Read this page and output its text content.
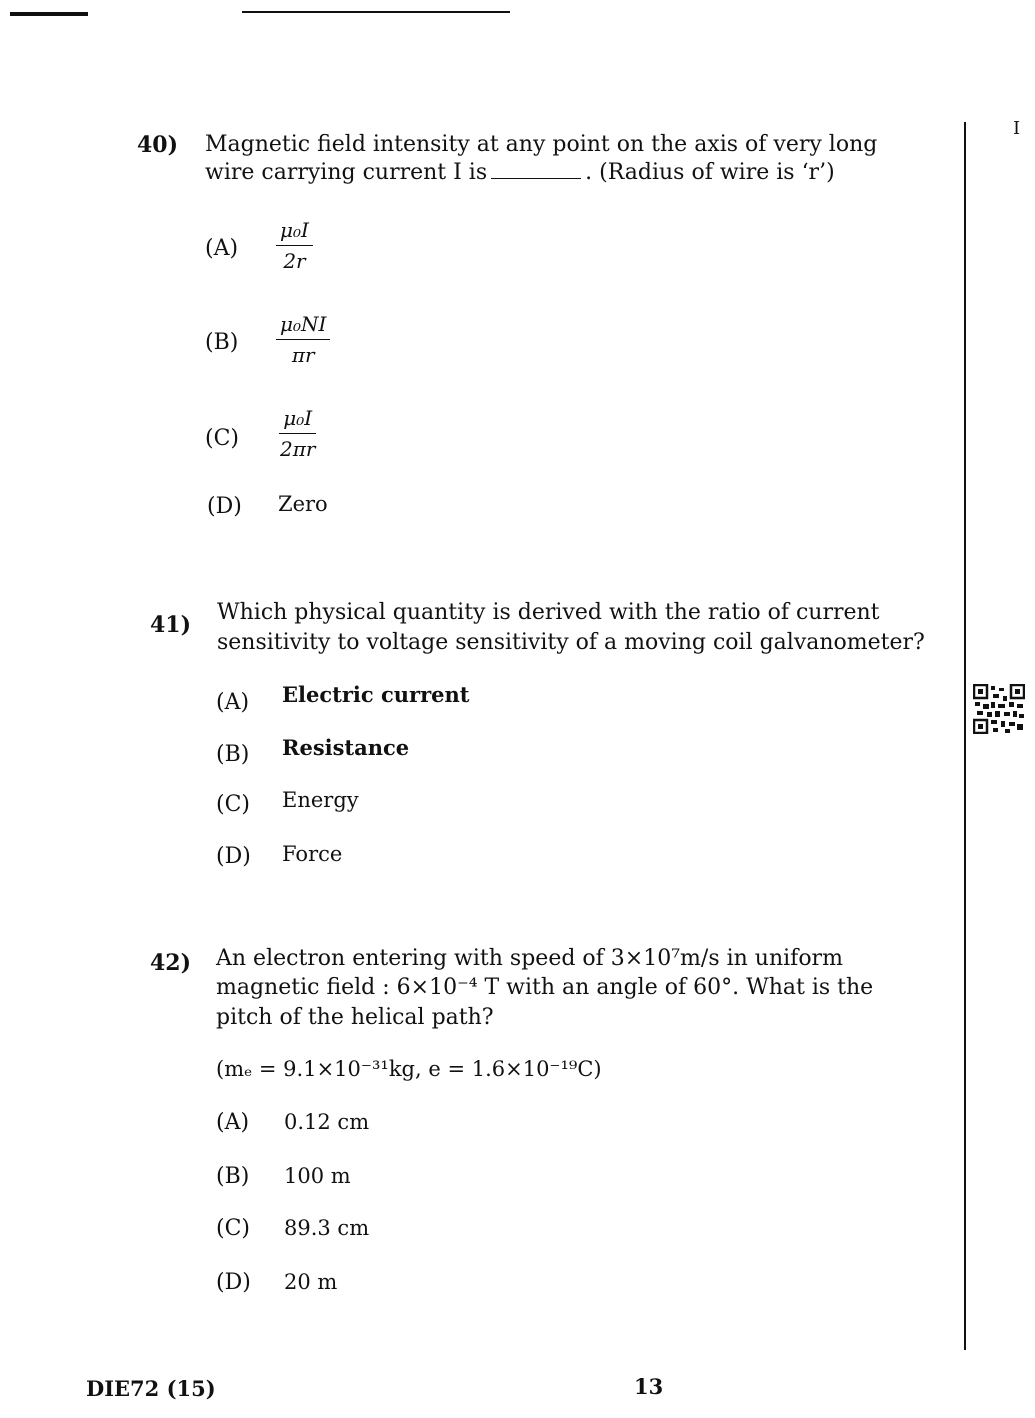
I
40) Magnetic field intensity at any point on the axis of very long
wire carrying current I is	. (Radius of wire is ‘r’)
$(A) \frac{\text{μ₀I}}{2r}$
$(B) \frac{\text{μ₀NI}}{\pi r}$
$(C) \frac{\text{μ₀I}}{2\pi r}$
(D) Zero
41) Which physical quantity is derived with the ratio of current
sensitivity to voltage sensitivity of a moving coil galvanometer?
(A) Electric current
(B) Resistance
(C) Energy
(D) Force
42) An electron entering with speed of 3×10⁷m/s in uniform
magnetic field : 6×10⁻⁴ T with an angle of 60°. What is the
pitch of the helical path?
(mₑ = 9.1×10⁻³¹kg, e = 1.6×10⁻¹⁹C)
(A) 0.12 cm
(B) 100 m
(C) 89.3 cm
(D) 20 m
DIE72 (15)	13
